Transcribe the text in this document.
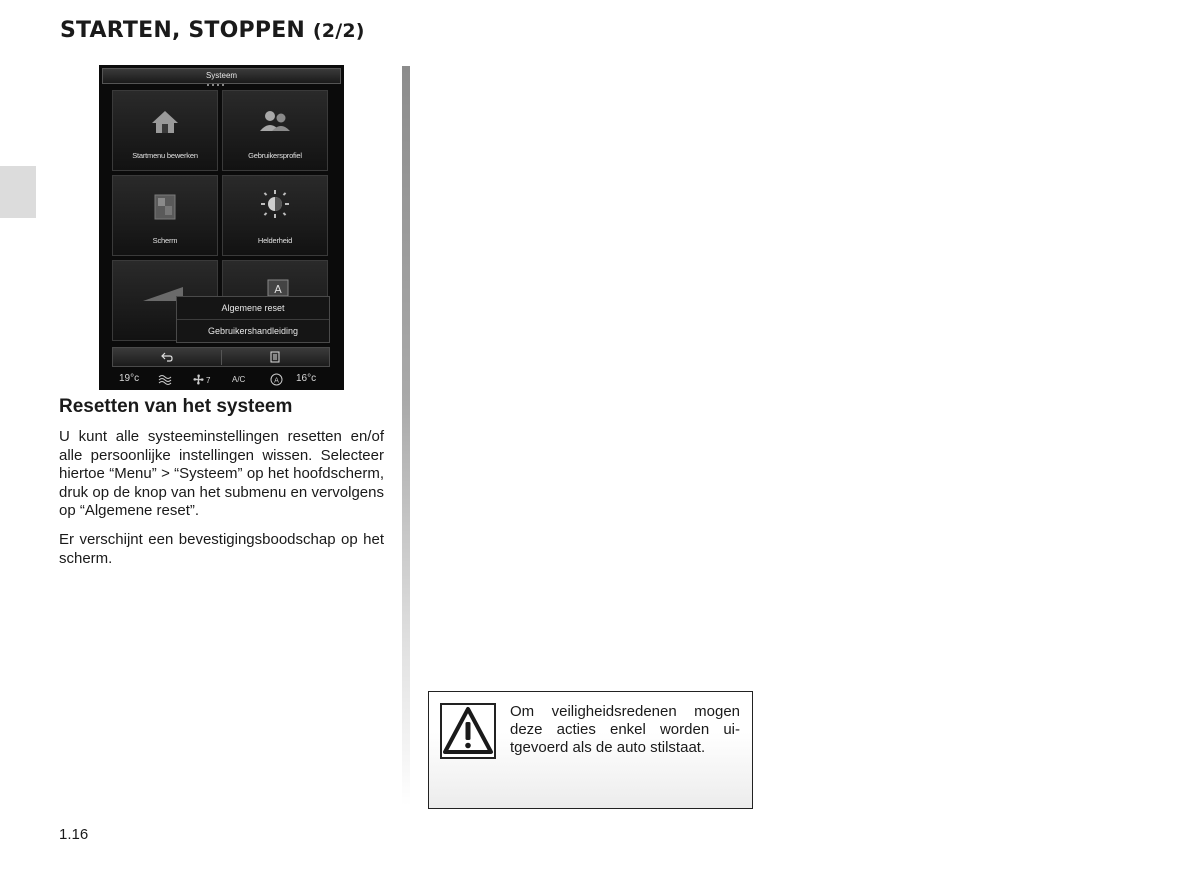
STARTEN, STOPPEN (2/2)
Systeem
Startmenu bewerken	Gebruikersprofiel
Scherm	Helderheid
A
Algemene reset
Gebruikershandleiding
19°c	7	A/C	A 16°c
Resetten van het systeem

U kunt alle systeeminstellingen resetten en/of alle persoonlijke instellingen wissen. Selecteer hiertoe “Menu” > “Systeem” op het hoofdscherm, druk op de knop van het submenu en vervolgens op “Algemene reset”.

Er verschijnt een bevestigingsboodschap op het scherm.

Om veiligheidsredenen mogen deze acties enkel worden uitgevoerd als de auto stilstaat.

1.16
